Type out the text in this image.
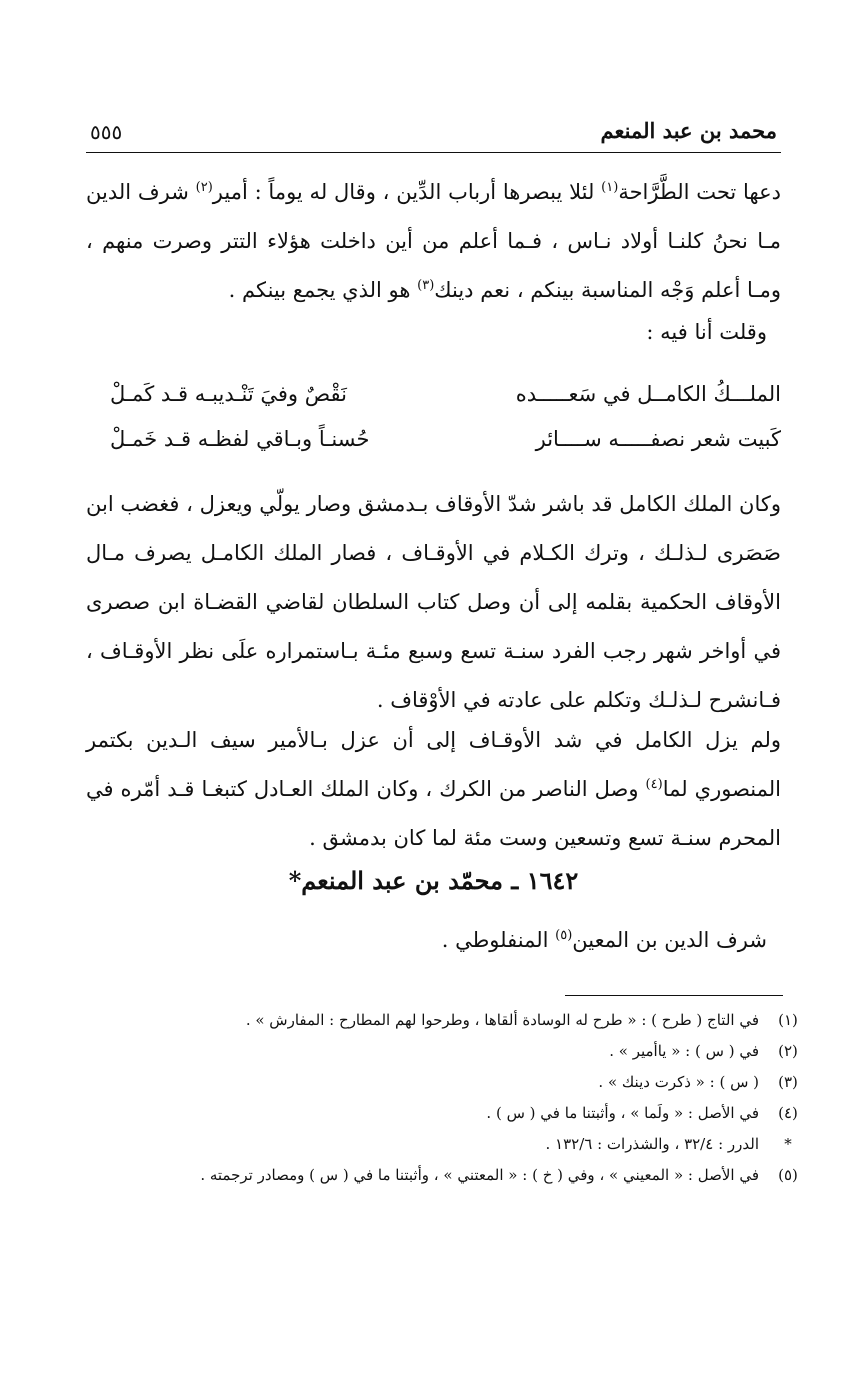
محمد بن عبد المنعم
٥٥٥

دعها تحت الطَّرَّاحة$^{(١)}$ لئلا يبصرها أرباب الدِّين ، وقال له يوماً : أمير$^{(٢)}$ شرف الدين مـا نحنُ كلنـا أولاد نـاس ، فـما أعلم من أين داخلت هؤلاء التتر وصرت منهم ، ومـا أعلم وَجْه المناسبة بينكم ، نعم دينك$^{(٣)}$ هو الذي يجمع بينكم .

وقلت أنا فيه :
الملـــكُ الكامــل في سَعـــــده
نَقْصٌ وفيَ تَنْـديبـه قـد كَمـلْ
كَبيت شعر نصفـــــه ســــائر
حُسنـاً وبـاقي لفظـه قـد خَمـلْ

وكان الملك الكامل قد باشر شدّ الأوقاف بـدمشق وصار يولّي ويعزل ، فغضب ابن صَصَرى لـذلـك ، وترك الكـلام في الأوقـاف ، فصار الملك الكامـل يصرف مـال الأوقاف الحكمية بقلمه إلى أن وصل كتاب السلطان لقاضي القضـاة ابن صصرى في أواخر شهر رجب الفرد سنـة تسع وسبع مئـة بـاستمراره علَى نظر الأوقـاف ، فـانشرح لـذلـك وتكلم على عادته في الأوْقاف .

ولم يزل الكامل في شد الأوقـاف إلى أن عزل بـالأمير سيف الـدين بكتمر المنصوري لما$^{(٤)}$ وصل الناصر من الكرك ، وكان الملك العـادل كتبغـا قـد أمّره في المحرم سنـة تسع وتسعين وست مئة لما كان بدمشق .

١٦٤٢ ـ محمّد بن عبد المنعم*
شرف الدين بن المعين$^{(٥)}$ المنفلوطي .
(١)
في التاج ( طرح ) : « طرح له الوسادة ألقاها ، وطرحوا لهم المطارح : المفارش » .
(٢)
في ( س ) : « ياأمير » .
(٣)
( س ) : « ذكرت دينك » .
(٤)
في الأصل : « ولَما » ، وأثبتنا ما في ( س ) .
*
الدرر : ٣٢/٤ ، والشذرات : ١٣٢/٦ .
(٥)
في الأصل : « المعيني » ، وفي ( خ ) : « المعتني » ، وأثبتنا ما في ( س ) ومصادر ترجمته .
